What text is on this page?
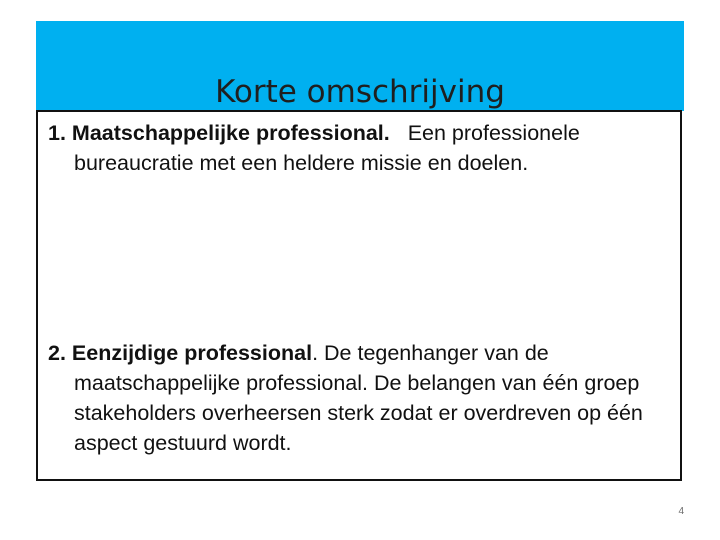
Korte omschrijving

1. Maatschappelijke professional. Een professionele bureaucratie met een heldere missie en doelen.

2. Eenzijdige professional. De tegenhanger van de maatschappelijke professional. De belangen van één groep stakeholders overheersen sterk zodat er overdreven op één aspect gestuurd wordt.

4
